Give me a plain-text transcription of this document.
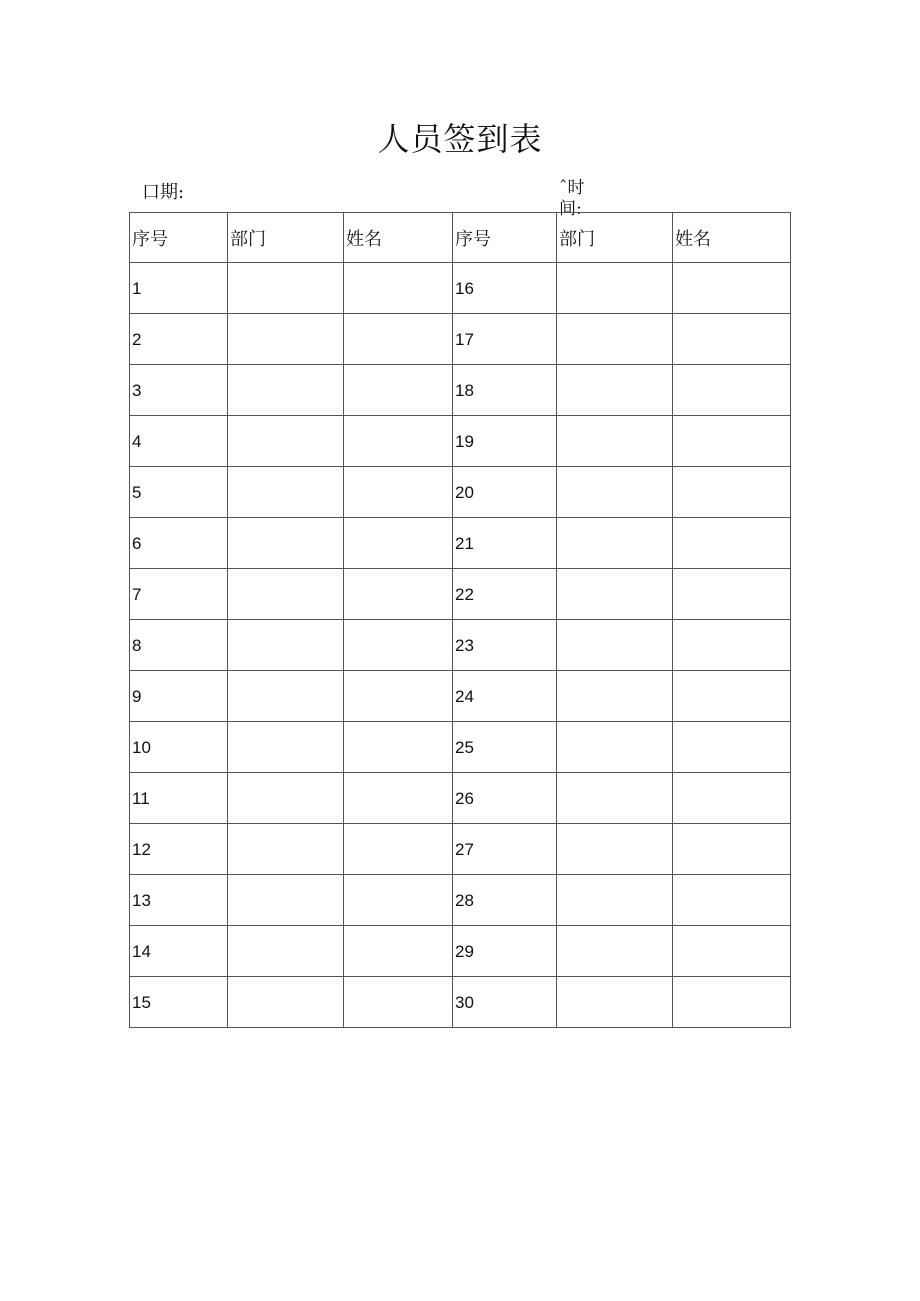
人员签到表
口期:	ˆ时间:
序号	部门	姓名	序号	部门	姓名
1			16		
2			17		
3			18		
4			19		
5			20		
6			21		
7			22		
8			23		
9			24		
10			25		
11			26		
12			27		
13			28		
14			29		
15			30		
